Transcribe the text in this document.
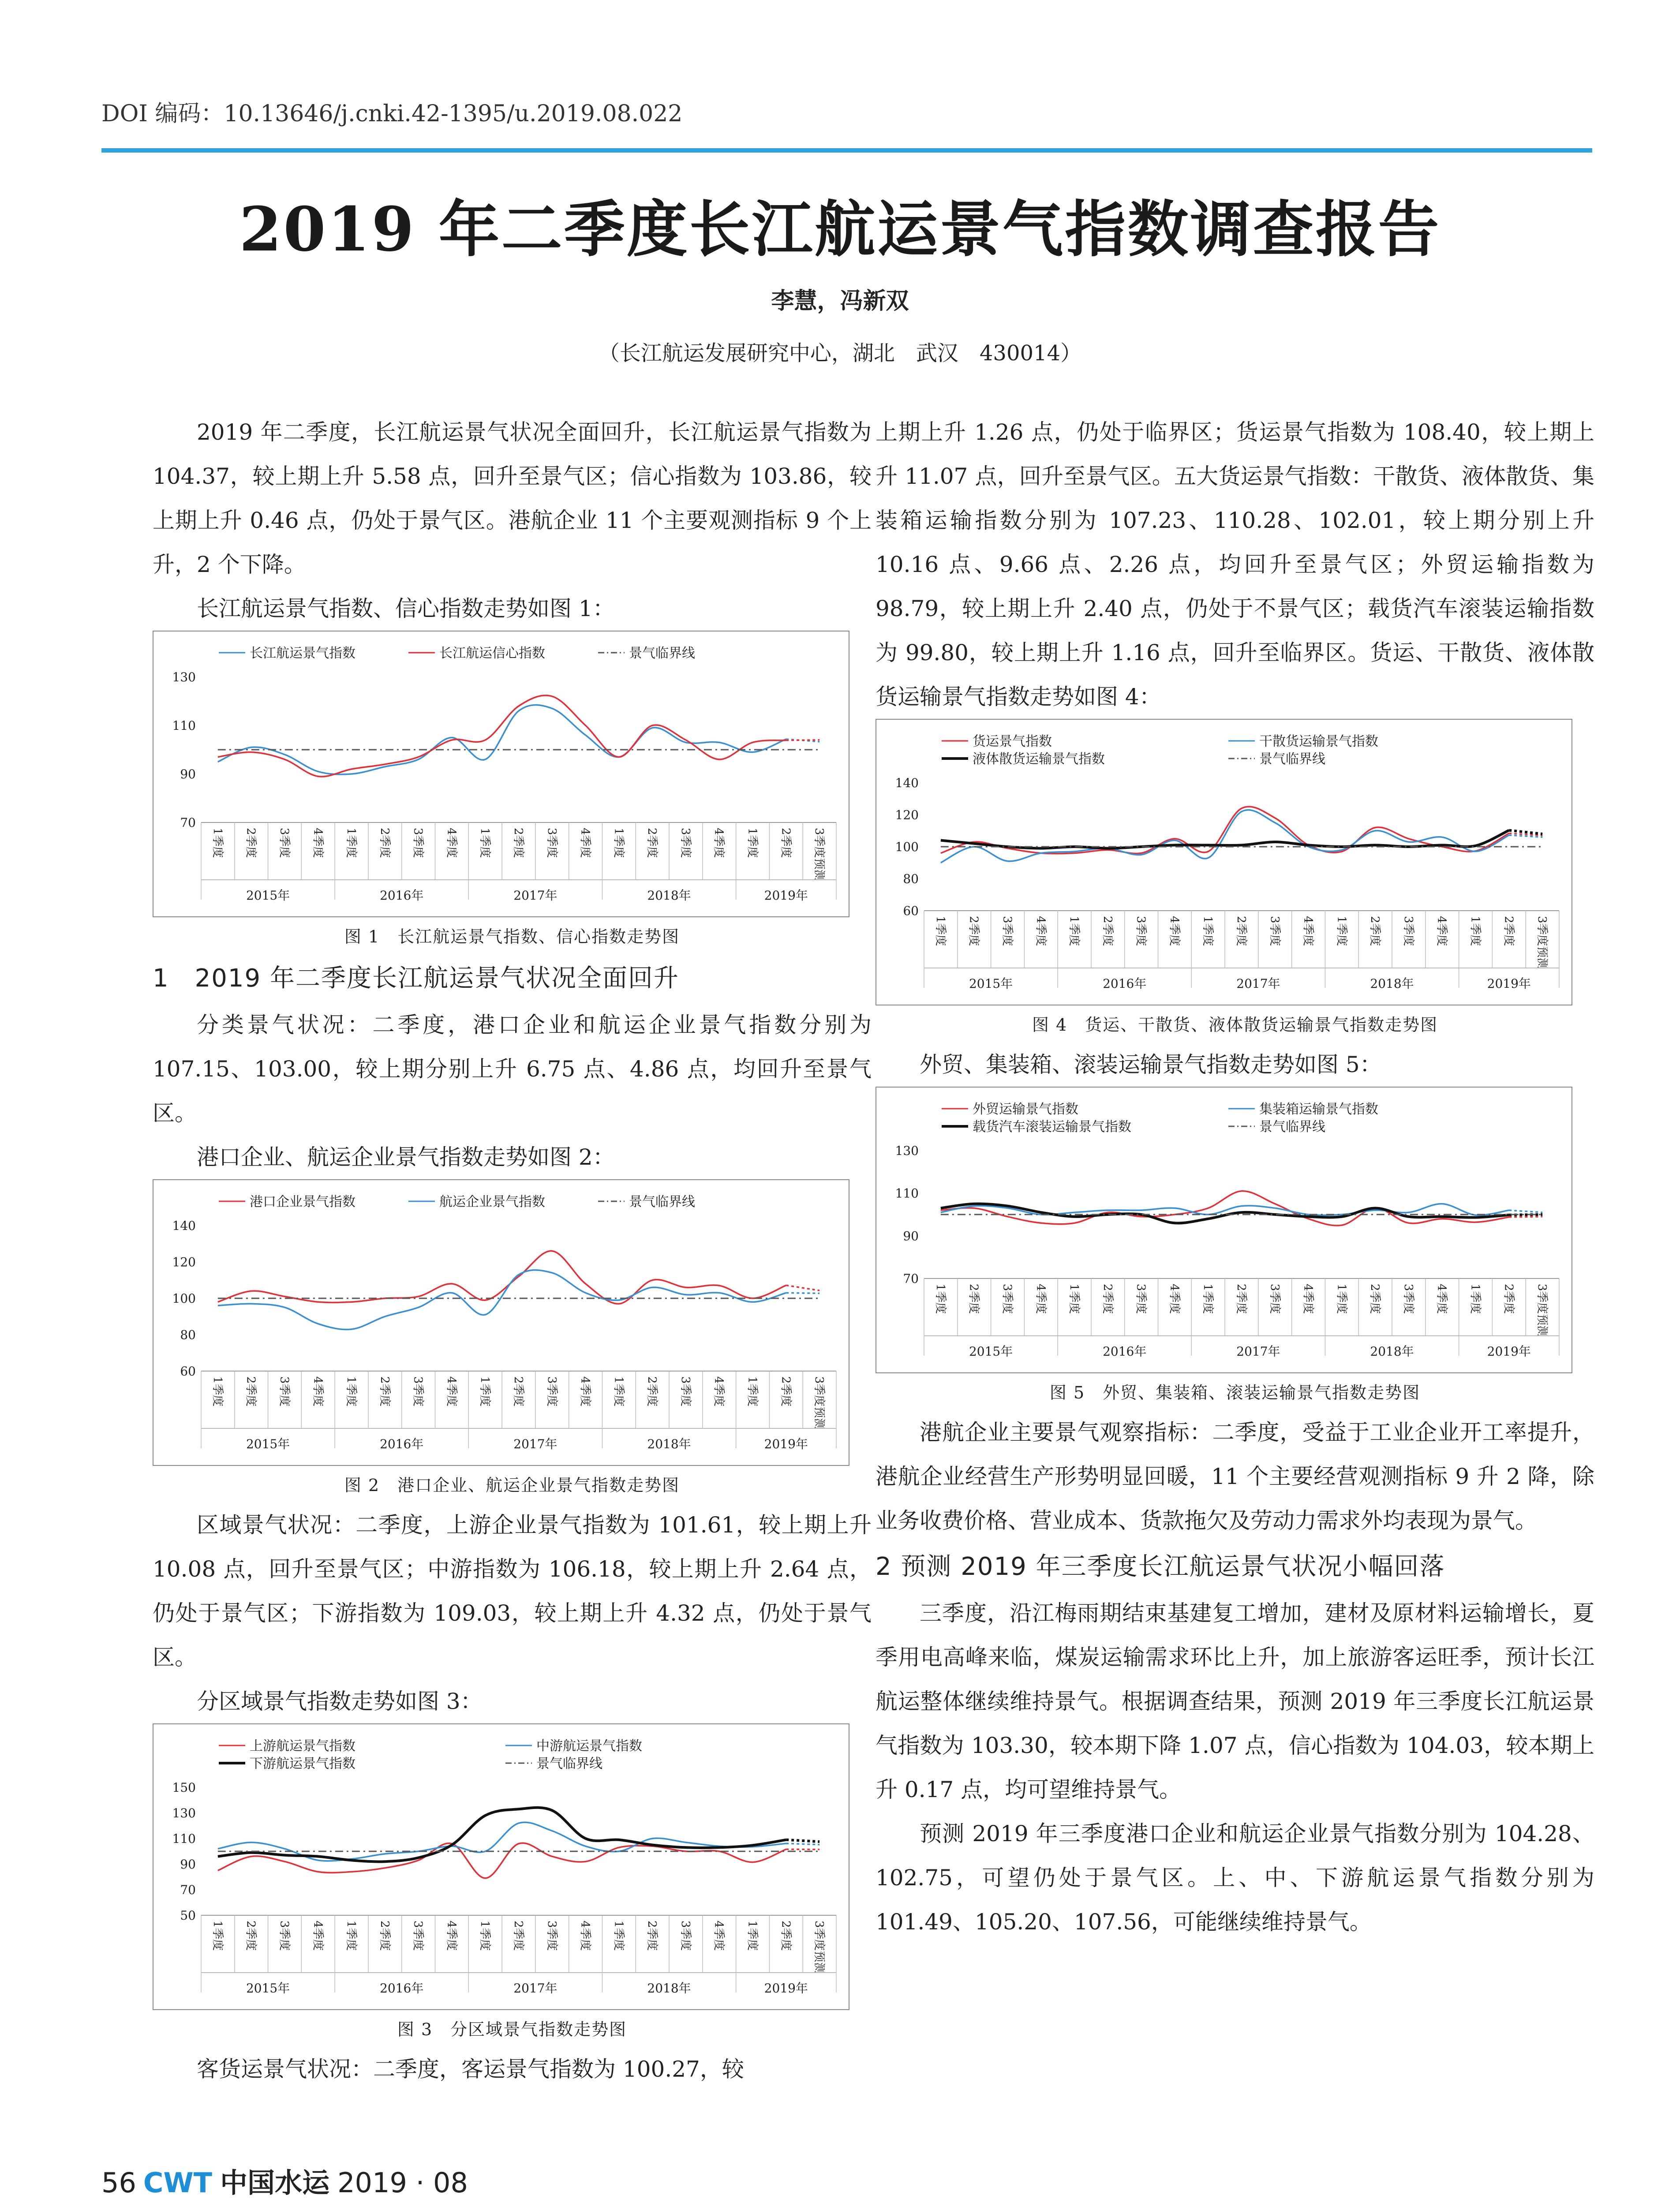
DOI 编码：10.13646/j.cnki.42-1395/u.2019.08.022
2019 年二季度长江航运景气指数调查报告
李慧，冯新双
（长江航运发展研究中心，湖北　武汉　430014）

2019 年二季度，长江航运景气状况全面回升，长江航运景气指数为 104.37，较上期上升 5.58 点，回升至景气区；信心指数为 103.86，较上期上升 0.46 点，仍处于景气区。港航企业 11 个主要观测指标 9 个上升，2 个下降。

长江航运景气指数、信心指数走势如图 1：

长江航运景气指数	长江航运信心指数	景气临界线
70
90
110
130
1季度 2季度 3季度 4季度 1季度 2季度 3季度 4季度 1季度 2季度 3季度 4季度 1季度 2季度 3季度 4季度 1季度 2季度 3季度预测
2015年	2016年	2017年	2018年	2019年
图 1　长江航运景气指数、信心指数走势图
1　2019 年二季度长江航运景气状况全面回升

分类景气状况：二季度，港口企业和航运企业景气指数分别为 107.15、103.00，较上期分别上升 6.75 点、4.86 点，均回升至景气区。

港口企业、航运企业景气指数走势如图 2：

港口企业景气指数	航运企业景气指数	景气临界线
60
80
100
120
140
1季度 2季度 3季度 4季度 1季度 2季度 3季度 4季度 1季度 2季度 3季度 4季度 1季度 2季度 3季度 4季度 1季度 2季度 3季度预测
2015年	2016年	2017年	2018年	2019年
图 2　港口企业、航运企业景气指数走势图

区域景气状况：二季度，上游企业景气指数为 101.61，较上期上升 10.08 点，回升至景气区；中游指数为 106.18，较上期上升 2.64 点，仍处于景气区；下游指数为 109.03，较上期上升 4.32 点，仍处于景气区。

分区域景气指数走势如图 3：

上游航运景气指数	中游航运景气指数
下游航运景气指数	景气临界线
50
70
90
110
130
150
1季度 2季度 3季度 4季度 1季度 2季度 3季度 4季度 1季度 2季度 3季度 4季度 1季度 2季度 3季度 4季度 1季度 2季度 3季度预测
2015年	2016年	2017年	2018年	2019年
图 3　分区域景气指数走势图

客货运景气状况：二季度，客运景气指数为 100.27，较

上期上升 1.26 点，仍处于临界区；货运景气指数为 108.40，较上期上升 11.07 点，回升至景气区。五大货运景气指数：干散货、液体散货、集装箱运输指数分别为 107.23、110.28、102.01，较上期分别上升 10.16 点、9.66 点、2.26 点，均回升至景气区；外贸运输指数为 98.79，较上期上升 2.40 点，仍处于不景气区；载货汽车滚装运输指数为 99.80，较上期上升 1.16 点，回升至临界区。货运、干散货、液体散货运输景气指数走势如图 4：

货运景气指数	干散货运输景气指数
液体散货运输景气指数	景气临界线
60
80
100
120
140
1季度 2季度 3季度 4季度 1季度 2季度 3季度 4季度 1季度 2季度 3季度 4季度 1季度 2季度 3季度 4季度 1季度 2季度 3季度预测
2015年	2016年	2017年	2018年	2019年
图 4　货运、干散货、液体散货运输景气指数走势图

外贸、集装箱、滚装运输景气指数走势如图 5：

外贸运输景气指数	集装箱运输景气指数
载货汽车滚装运输景气指数	景气临界线
70
90
110
130
1季度 2季度 3季度 4季度 1季度 2季度 3季度 4季度 1季度 2季度 3季度 4季度 1季度 2季度 3季度 4季度 1季度 2季度 3季度预测
2015年	2016年	2017年	2018年	2019年
图 5　外贸、集装箱、滚装运输景气指数走势图

港航企业主要景气观察指标：二季度，受益于工业企业开工率提升，港航企业经营生产形势明显回暖，11 个主要经营观测指标 9 升 2 降，除业务收费价格、营业成本、货款拖欠及劳动力需求外均表现为景气。

2 预测 2019 年三季度长江航运景气状况小幅回落

三季度，沿江梅雨期结束基建复工增加，建材及原材料运输增长，夏季用电高峰来临，煤炭运输需求环比上升，加上旅游客运旺季，预计长江航运整体继续维持景气。根据调查结果，预测 2019 年三季度长江航运景气指数为 103.30，较本期下降 1.07 点，信心指数为 104.03，较本期上升 0.17 点，均可望维持景气。

预测 2019 年三季度港口企业和航运企业景气指数分别为 104.28、102.75，可望仍处于景气区。上、中、下游航运景气指数分别为 101.49、105.20、107.56，可能继续维持景气。

56 CWT 中国水运 2019 · 08
